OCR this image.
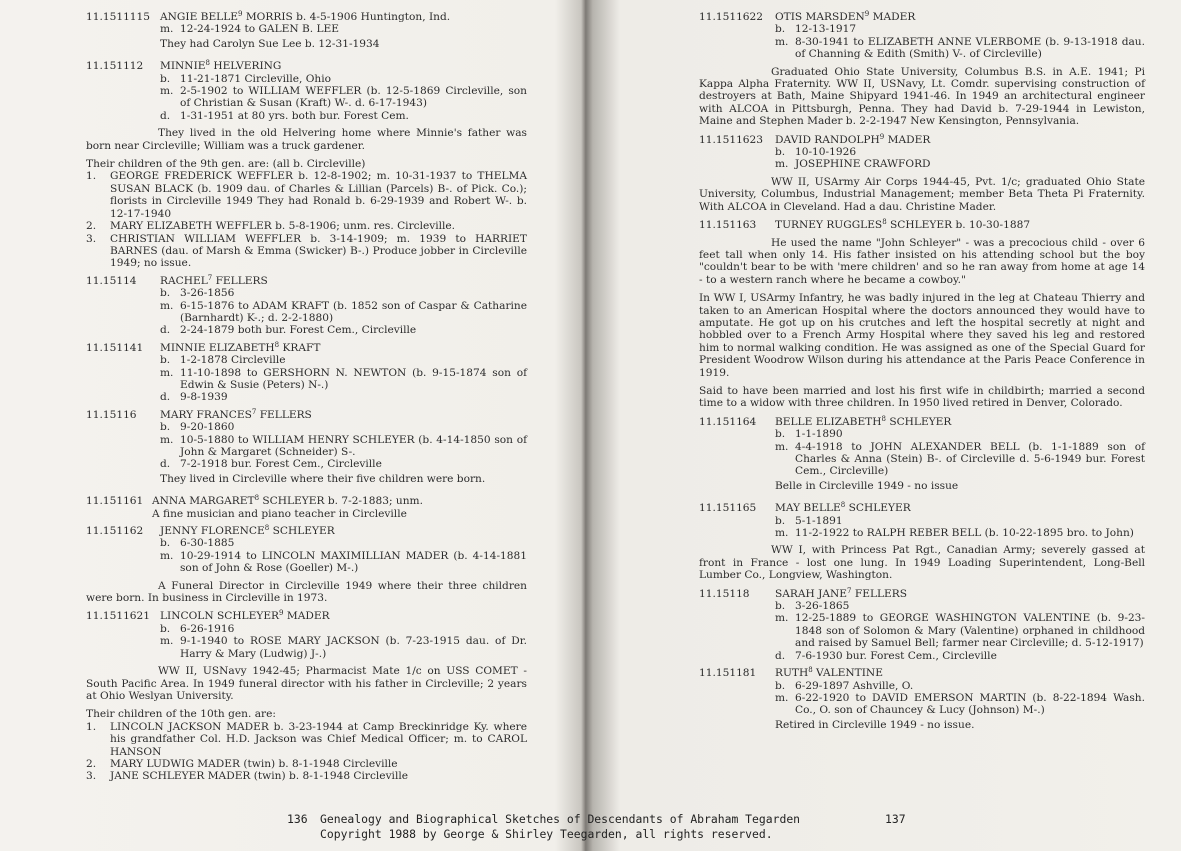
11.1511115 ANGIE BELLE$^9$ MORRIS b. 4-5-1906 Huntington, Ind.

m. 12-24-1924 to GALEN B. LEE

They had Carolyn Sue Lee b. 12-31-1934

11.151112	MINNIE$^8$ HELVERING

b. 11-21-1871 Circleville, Ohio
m. 2-5-1902 to WILLIAM WEFFLER (b. 12-5-1869 Circleville, son of Christian & Susan (Kraft) W-. d. 6-17-1943)
d. 1-31-1951 at 80 yrs. both bur. Forest Cem.

They lived in the old Helvering home where Minnie's father was born near Circleville; William was a truck gardener.

Their children of the 9th gen. are: (all b. Circleville)

1.	GEORGE FREDERICK WEFFLER b. 12-8-1902; m. 10-31-1937 to THELMA SUSAN BLACK (b. 1909 dau. of Charles & Lillian (Parcels) B-. of Pick. Co.); florists in Circleville 1949 They had Ronald b. 6-29-1939 and Robert W-. b. 12-17-1940
2.	MARY ELIZABETH WEFFLER b. 5-8-1906; unm. res. Circleville.
3.	CHRISTIAN WILLIAM WEFFLER b. 3-14-1909; m. 1939 to HARRIET BARNES (dau. of Marsh & Emma (Swicker) B-.) Produce jobber in Circleville 1949; no issue.
11.15114	RACHEL$^7$ FELLERS

b. 3-26-1856
m. 6-15-1876 to ADAM KRAFT (b. 1852 son of Caspar & Catharine (Barnhardt) K-.; d. 2-2-1880)
d. 2-24-1879 both bur. Forest Cem., Circleville
11.151141	MINNIE ELIZABETH$^8$ KRAFT

b. 1-2-1878 Circleville
m. 11-10-1898 to GERSHORN N. NEWTON (b. 9-15-1874 son of Edwin & Susie (Peters) N-.)
d. 9-8-1939
11.15116	MARY FRANCES$^7$ FELLERS

b. 9-20-1860
m. 10-5-1880 to WILLIAM HENRY SCHLEYER (b. 4-14-1850 son of John & Margaret (Schneider) S-.
d. 7-2-1918 bur. Forest Cem., Circleville

They lived in Circleville where their five children were born.

11.151161 ANNA MARGARET$^8$ SCHLEYER b. 7-2-1883; unm.

A fine musician and piano teacher in Circleville

11.151162	JENNY FLORENCE$^8$ SCHLEYER

b. 6-30-1885
m. 10-29-1914 to LINCOLN MAXIMILLIAN MADER (b. 4-14-1881 son of John & Rose (Goeller) M-.)

A Funeral Director in Circleville 1949 where their three children were born. In business in Circleville in 1973.

11.1511621 LINCOLN SCHLEYER$^9$ MADER

b. 6-26-1916
m. 9-1-1940 to ROSE MARY JACKSON (b. 7-23-1915 dau. of Dr. Harry & Mary (Ludwig) J-.)

WW II, USNavy 1942-45; Pharmacist Mate 1/c on USS COMET - South Pacific Area. In 1949 funeral director with his father in Circleville; 2 years at Ohio Weslyan University.

Their children of the 10th gen. are:

1.	LINCOLN JACKSON MADER b. 3-23-1944 at Camp Breckinridge Ky. where his grandfather Col. H.D. Jackson was Chief Medical Officer; m. to CAROL HANSON
2.	MARY LUDWIG MADER (twin) b. 8-1-1948 Circleville
3.	JANE SCHLEYER MADER (twin) b. 8-1-1948 Circleville
11.1511622	OTIS MARSDEN$^9$ MADER

b. 12-13-1917
m. 8-30-1941 to ELIZABETH ANNE VLERBOME (b. 9-13-1918 dau. of Channing & Edith (Smith) V-. of Circleville)

Graduated Ohio State University, Columbus B.S. in A.E. 1941; Pi Kappa Alpha Fraternity. WW II, USNavy, Lt. Comdr. supervising construction of destroyers at Bath, Maine Shipyard 1941-46. In 1949 an architectural engineer with ALCOA in Pittsburgh, Penna. They had David b. 7-29-1944 in Lewiston, Maine and Stephen Mader b. 2-2-1947 New Kensington, Pennsylvania.

11.1511623	DAVID RANDOLPH$^9$ MADER

b. 10-10-1926
m. JOSEPHINE CRAWFORD

WW II, USArmy Air Corps 1944-45, Pvt. 1/c; graduated Ohio State University, Columbus, Industrial Management; member Beta Theta Pi Fraternity. With ALCOA in Cleveland. Had a dau. Christine Mader.

11.151163	TURNEY RUGGLES$^8$ SCHLEYER b. 10-30-1887

He used the name "John Schleyer" - was a precocious child - over 6 feet tall when only 14. His father insisted on his attending school but the boy "couldn't bear to be with 'mere children' and so he ran away from home at age 14 - to a western ranch where he became a cowboy."

In WW I, USArmy Infantry, he was badly injured in the leg at Chateau Thierry and taken to an American Hospital where the doctors announced they would have to amputate. He got up on his crutches and left the hospital secretly at night and hobbled over to a French Army Hospital where they saved his leg and restored him to normal walking condition. He was assigned as one of the Special Guard for President Woodrow Wilson during his attendance at the Paris Peace Conference in 1919.

Said to have been married and lost his first wife in childbirth; married a second time to a widow with three children. In 1950 lived retired in Denver, Colorado.

11.151164	BELLE ELIZABETH$^8$ SCHLEYER

b. 1-1-1890
m. 4-4-1918 to JOHN ALEXANDER BELL (b. 1-1-1889 son of Charles & Anna (Stein) B-. of Circleville d. 5-6-1949 bur. Forest Cem., Circleville)

Belle in Circleville 1949 - no issue

11.151165	MAY BELLE$^8$ SCHLEYER

b. 5-1-1891
m. 11-2-1922 to RALPH REBER BELL (b. 10-22-1895 bro. to John)

WW I, with Princess Pat Rgt., Canadian Army; severely gassed at front in France - lost one lung. In 1949 Loading Superintendent, Long-Bell Lumber Co., Longview, Washington.

11.15118	SARAH JANE$^7$ FELLERS

b. 3-26-1865
m. 12-25-1889 to GEORGE WASHINGTON VALENTINE (b. 9-23-1848 son of Solomon & Mary (Valentine) orphaned in childhood and raised by Samuel Bell; farmer near Circleville; d. 5-12-1917)
d. 7-6-1930 bur. Forest Cem., Circleville
11.151181	RUTH$^8$ VALENTINE

b. 6-29-1897 Ashville, O.
m. 6-22-1920 to DAVID EMERSON MARTIN (b. 8-22-1894 Wash. Co., O. son of Chauncey & Lucy (Johnson) M-.)

Retired in Circleville 1949 - no issue.

136	137
Genealogy and Biographical Sketches of Descendants of Abraham Tegarden
Copyright 1988 by George & Shirley Teegarden, all rights reserved.
